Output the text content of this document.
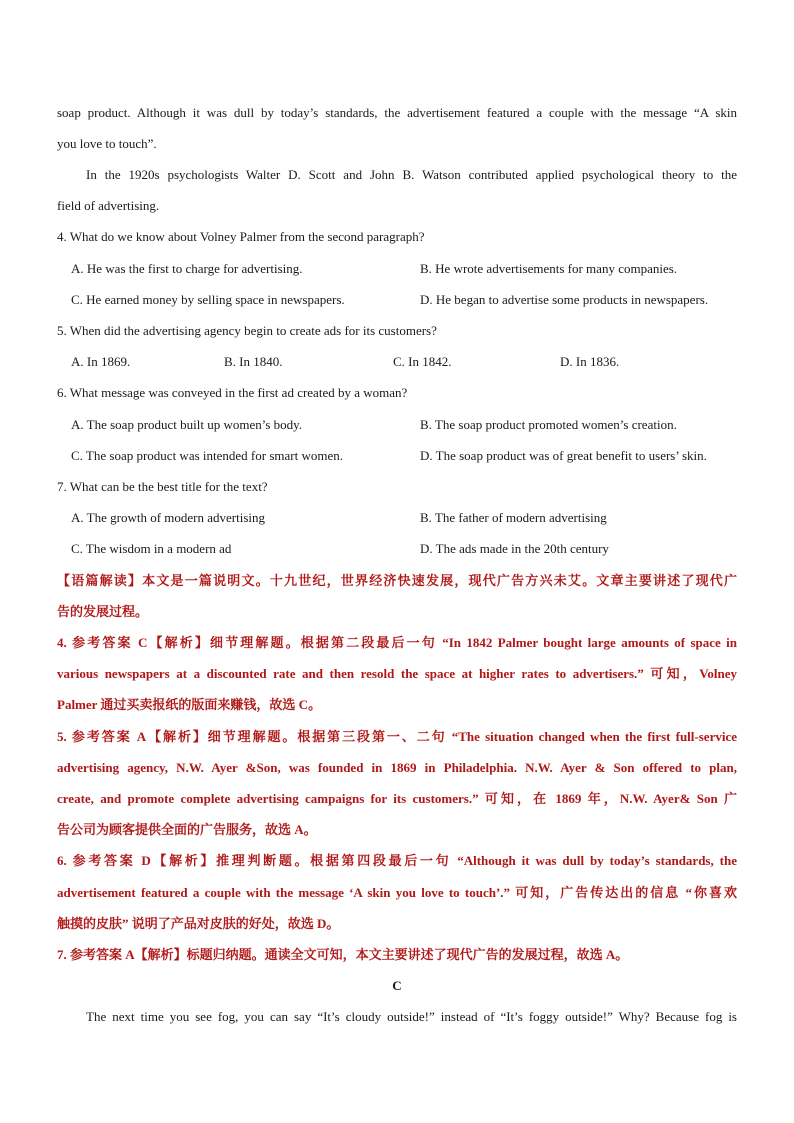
soap product. Although it was dull by today’s standards, the advertisement featured a couple with the message “A skin
you love to touch”.
In the 1920s psychologists Walter D. Scott and John B. Watson contributed applied psychological theory to the
field of advertising.
4. What do we know about Volney Palmer from the second paragraph?
A. He was the first to charge for advertising.	B. He wrote advertisements for many companies.
C. He earned money by selling space in newspapers.	D. He began to advertise some products in newspapers.
5. When did the advertising agency begin to create ads for its customers?
A. In 1869.	B. In 1840.	C. In 1842.	D. In 1836.
6. What message was conveyed in the first ad created by a woman?
A. The soap product built up women’s body.	B. The soap product promoted women’s creation.
C. The soap product was intended for smart women.	D. The soap product was of great benefit to users’ skin.
7. What can be the best title for the text?
A. The growth of modern advertising	B. The father of modern advertising
C. The wisdom in a modern ad	D. The ads made in the 20th century
【语篇解读】本文是一篇说明文。十九世纪，世界经济快速发展，现代广告方兴未艾。文章主要讲述了现代广
告的发展过程。
4. 参考答案 C【解析】细节理解题。根据第二段最后一句 “In 1842 Palmer bought large amounts of space in
various newspapers at a discounted rate and then resold the space at higher rates to advertisers.” 可知，Volney
Palmer 通过买卖报纸的版面来赚钱，故选 C。
5. 参考答案 A【解析】细节理解题。根据第三段第一、二句 “The situation changed when the first full-service
advertising agency, N.W. Ayer &Son, was founded in 1869 in Philadelphia. N.W. Ayer & Son offered to plan,
create, and promote complete advertising campaigns for its customers.” 可知，在 1869 年，N.W. Ayer& Son 广
告公司为顾客提供全面的广告服务，故选 A。
6. 参考答案 D【解析】推理判断题。根据第四段最后一句 “Although it was dull by today’s standards, the
advertisement featured a couple with the message ‘A skin you love to touch’.” 可知，广告传达出的信息 “你喜欢
触摸的皮肤” 说明了产品对皮肤的好处，故选 D。
7. 参考答案 A【解析】标题归纳题。通读全文可知，本文主要讲述了现代广告的发展过程，故选 A。
C
The next time you see fog, you can say “It’s cloudy outside!” instead of “It’s foggy outside!” Why? Because fog is
